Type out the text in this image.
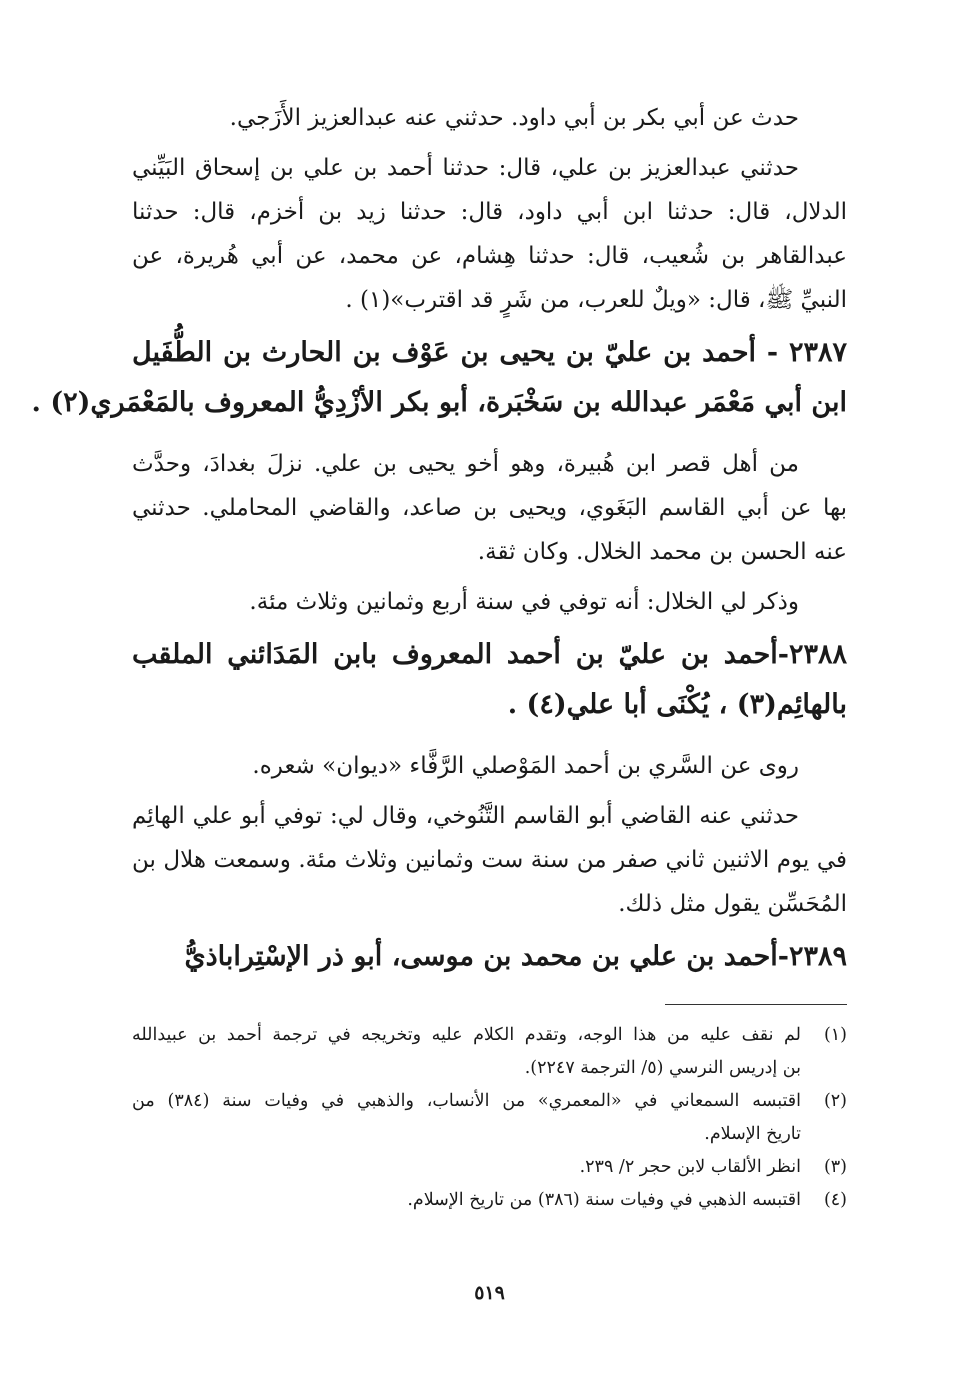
حدث عن أبي بكر بن أبي داود. حدثني عنه عبدالعزيز الأَزَجي.
حدثني عبدالعزيز بن علي، قال: حدثنا أحمد بن علي بن إسحاق البَيِّني
الدلال، قال: حدثنا ابن أبي داود، قال: حدثنا زيد بن أخزم، قال: حدثنا
عبدالقاهر بن شُعيب، قال: حدثنا هِشام، عن محمد، عن أبي هُريرة، عن
النبيِّ ﷺ، قال: «ويلٌ للعرب، من شَرٍ قد اقترب»(١) .
٢٣٨٧ - أحمد بن عليّ بن يحيى بن عَوْف بن الحارث بن الطُّفَيل
ابن أبي مَعْمَر عبدالله بن سَخْبَرة، أبو بكر الأزْدِيُّ المعروف بالمَعْمَري(٢) .
من أهل قصر ابن هُبيرة، وهو أخو يحيى بن علي. نزلَ بغدادَ، وحدَّث
بها عن أبي القاسم البَغَوي، ويحيى بن صاعد، والقاضي المحاملي. حدثني
عنه الحسن بن محمد الخلال. وكان ثقة.
وذكر لي الخلال: أنه توفي في سنة أربع وثمانين وثلاث مئة.
٢٣٨٨-أحمد بن عليّ بن أحمد المعروف بابن المَدَائني الملقب
بالهائِم(٣) ، يُكْنَى أبا علي(٤) .
روى عن السَّري بن أحمد المَوْصلي الرَّفَّاء «ديوان» شعره.
حدثني عنه القاضي أبو القاسم التَّنُوخي، وقال لي: توفي أبو علي الهائِم
في يوم الاثنين ثاني صفر من سنة ست وثمانين وثلاث مئة. وسمعت هلال بن
المُحَسِّن يقول مثل ذلك.
٢٣٨٩-أحمد بن علي بن محمد بن موسى، أبو ذر الإسْتِراباذيُّ
(١)
لم نقف عليه من هذا الوجه، وتقدم الكلام عليه وتخريجه في ترجمة أحمد بن عبيدالله
بن إدريس النرسي (٥/ الترجمة ٢٢٤٧).
(٢)
اقتبسه السمعاني في «المعمري» من الأنساب، والذهبي في وفيات سنة (٣٨٤) من
تاريخ الإسلام.
(٣)
انظر الألقاب لابن حجر ٢/ ٢٣٩.
(٤)
اقتبسه الذهبي في وفيات سنة (٣٨٦) من تاريخ الإسلام.
٥١٩
